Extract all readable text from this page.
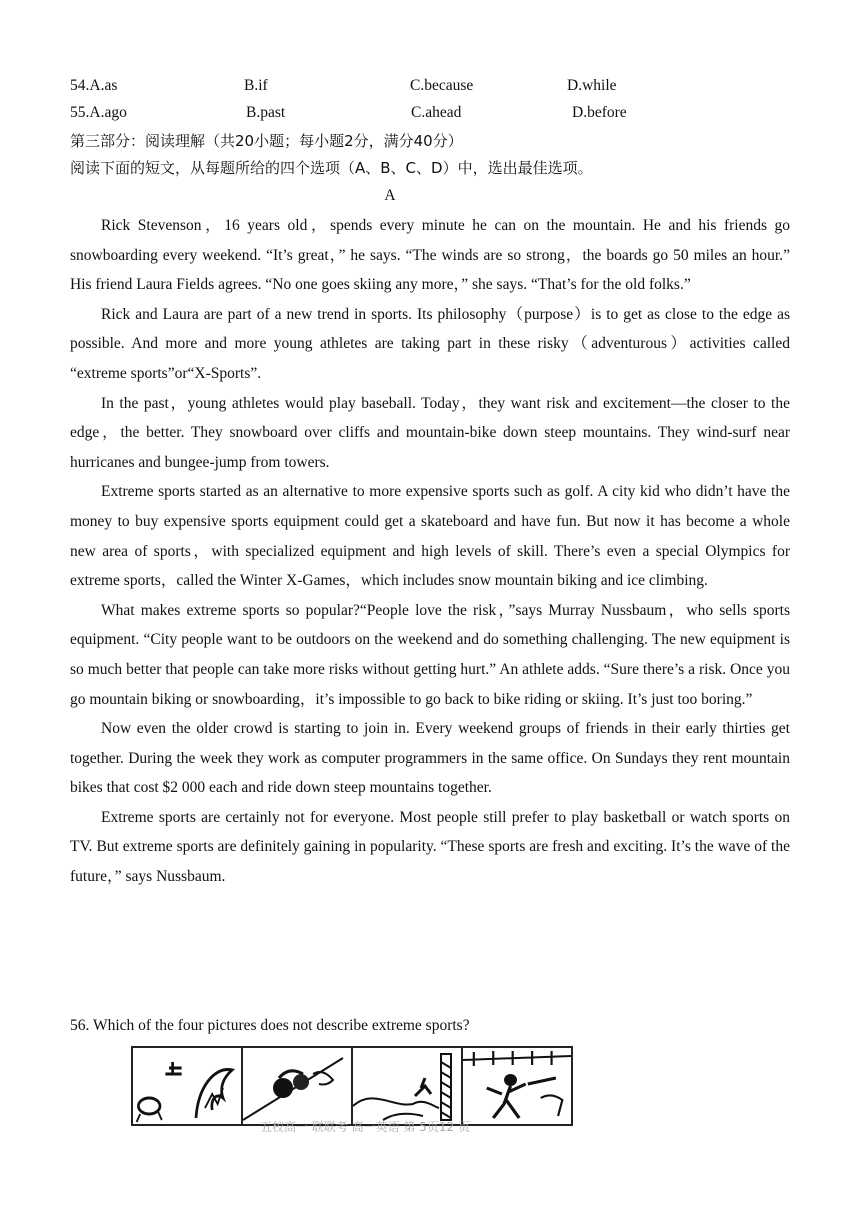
54.A.as	B.if	C.because	D.while
55.A.ago	B.past	C.ahead	D.before
第三部分：阅读理解（共20小题；每小题2分，满分40分）
阅读下面的短文，从每题所给的四个选项（A、B、C、D）中，选出最佳选项。
A

Rick Stevenson，16 years old，spends every minute he can on the mountain. He and his friends go snowboarding every weekend. “It’s great，” he says. “The winds are so strong，the boards go 50 miles an hour.” His friend Laura Fields agrees. “No one goes skiing any more，” she says. “That’s for the old folks.”

Rick and Laura are part of a new trend in sports. Its philosophy（purpose）is to get as close to the edge as possible. And more and more young athletes are taking part in these risky（adventurous）activities called “extreme sports”or“X-Sports”.

In the past，young athletes would play baseball. Today，they want risk and excitement—the closer to the edge，the better. They snowboard over cliffs and mountain-bike down steep mountains. They wind-surf near hurricanes and bungee-jump from towers.

Extreme sports started as an alternative to more expensive sports such as golf. A city kid who didn’t have the money to buy expensive sports equipment could get a skateboard and have fun. But now it has become a whole new area of sports，with specialized equipment and high levels of skill. There’s even a special Olympics for extreme sports，called the Winter X-Games，which includes snow mountain biking and ice climbing.

What makes extreme sports so popular?“People love the risk，”says Murray Nussbaum，who sells sports equipment. “City people want to be outdoors on the weekend and do something challenging. The new equipment is so much better that people can take more risks without getting hurt.” An athlete adds. “Sure there’s a risk. Once you go mountain biking or snowboarding，it’s impossible to go back to bike riding or skiing. It’s just too boring.”

Now even the older crowd is starting to join in. Every weekend groups of friends in their early thirties get together. During the week they work as computer programmers in the same office. On Sundays they rent mountain bikes that cost $2 000 each and ride down steep mountains together.

Extreme sports are certainly not for everyone. Most people still prefer to play basketball or watch sports on TV. But extreme sports are definitely gaining in popularity. “These sports are fresh and exciting. It’s the wave of the future，” says Nussbaum.

56. Which of the four pictures does not describe extreme sports?
五校高一 联联考 高一英语 第 5页12 页
